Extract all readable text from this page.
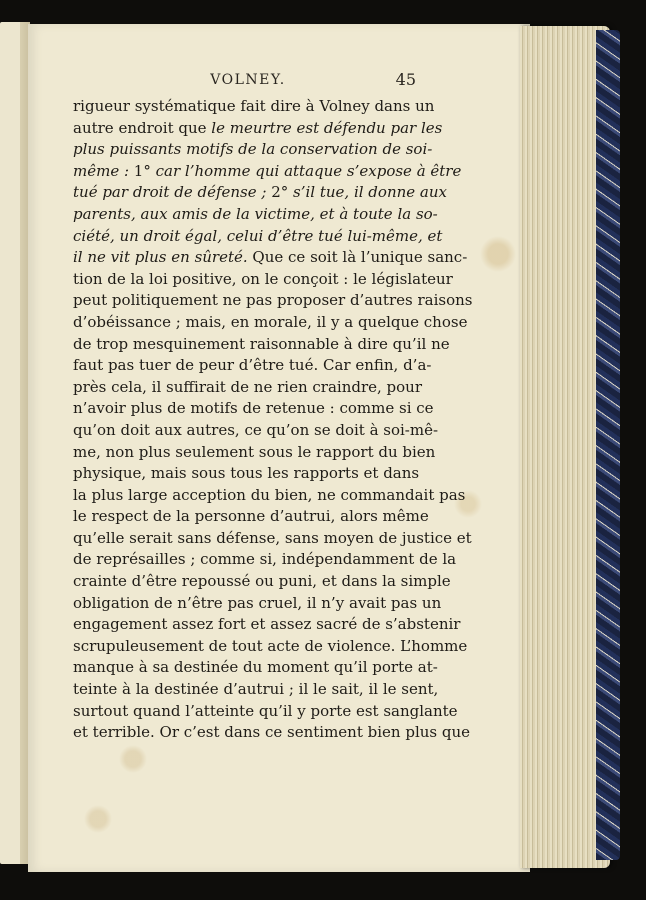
VOLNEY.	45
rigueur systématique fait dire à Volney dans un
autre endroit que le meurtre est défendu par les
plus puissants motifs de la conservation de soi-
même : 1° car l’homme qui attaque s’expose à être
tué par droit de défense ; 2° s’il tue, il donne aux
parents, aux amis de la victime, et à toute la so-
ciété, un droit égal, celui d’être tué lui-même, et
il ne vit plus en sûreté. Que ce soit là l’unique sanc-
tion de la loi positive, on le conçoit : le législateur
peut politiquement ne pas proposer d’autres raisons
d’obéissance ; mais, en morale, il y a quelque chose
de trop mesquinement raisonnable à dire qu’il ne
faut pas tuer de peur d’être tué. Car enfin, d’a-
près cela, il suffirait de ne rien craindre, pour
n’avoir plus de motifs de retenue : comme si ce
qu’on doit aux autres, ce qu’on se doit à soi-mê-
me, non plus seulement sous le rapport du bien
physique, mais sous tous les rapports et dans
la plus large acception du bien, ne commandait pas
le respect de la personne d’autrui, alors même
qu’elle serait sans défense, sans moyen de justice et
de représailles ; comme si, indépendamment de la
crainte d’être repoussé ou puni, et dans la simple
obligation de n’être pas cruel, il n’y avait pas un
engagement assez fort et assez sacré de s’abstenir
scrupuleusement de tout acte de violence. L’homme
manque à sa destinée du moment qu’il porte at-
teinte à la destinée d’autrui ; il le sait, il le sent,
surtout quand l’atteinte qu’il y porte est sanglante
et terrible. Or c’est dans ce sentiment bien plus que
